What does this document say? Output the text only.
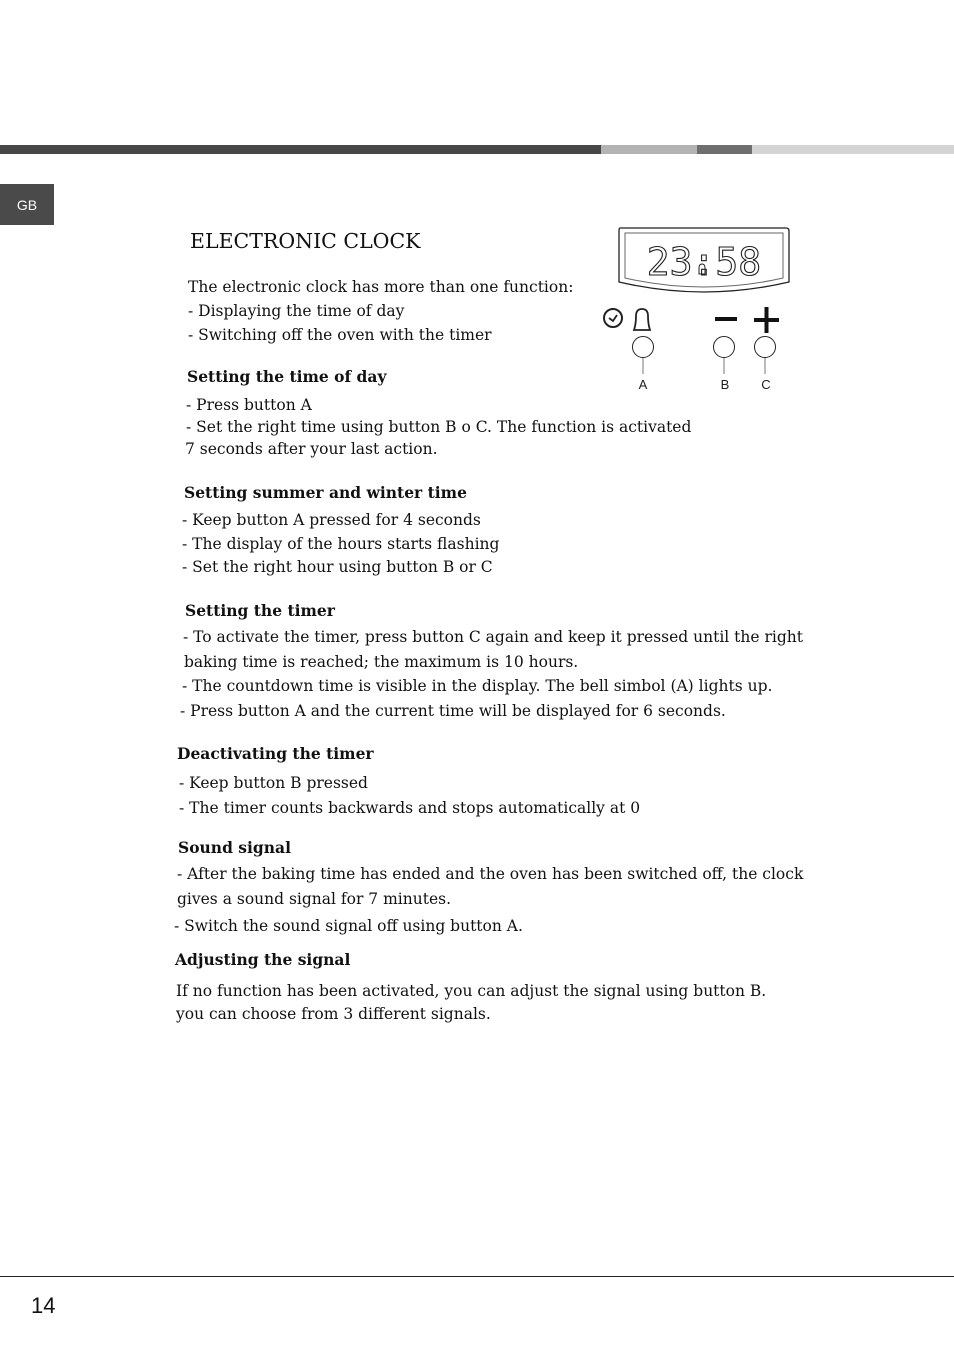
GB
ELECTRONIC CLOCK
The electronic clock has more than one function:
- Displaying the time of day
- Switching off the oven with the timer
23:58
A	B C
Setting the time of day
- Press button A
- Set the right time using button B o C. The function is activated
7 seconds after your last action.
Setting summer and winter time
- Keep button A pressed for 4 seconds
- The display of the hours starts flashing
- Set the right hour using button B or C
Setting the timer
- To activate the timer, press button C again and keep it pressed until the right
baking time is reached; the maximum is 10 hours.
- The countdown time is visible in the display. The bell simbol (A) lights up.
- Press button A and the current time will be displayed for 6 seconds.
Deactivating the timer
- Keep button B pressed
- The timer counts backwards and stops automatically at 0
Sound signal
- After the baking time has ended and the oven has been switched off, the clock
gives a sound signal for 7 minutes.
- Switch the sound signal off using button A.
Adjusting the signal
If no function has been activated, you can adjust the signal using button B.
you can choose from 3 different signals.
14
